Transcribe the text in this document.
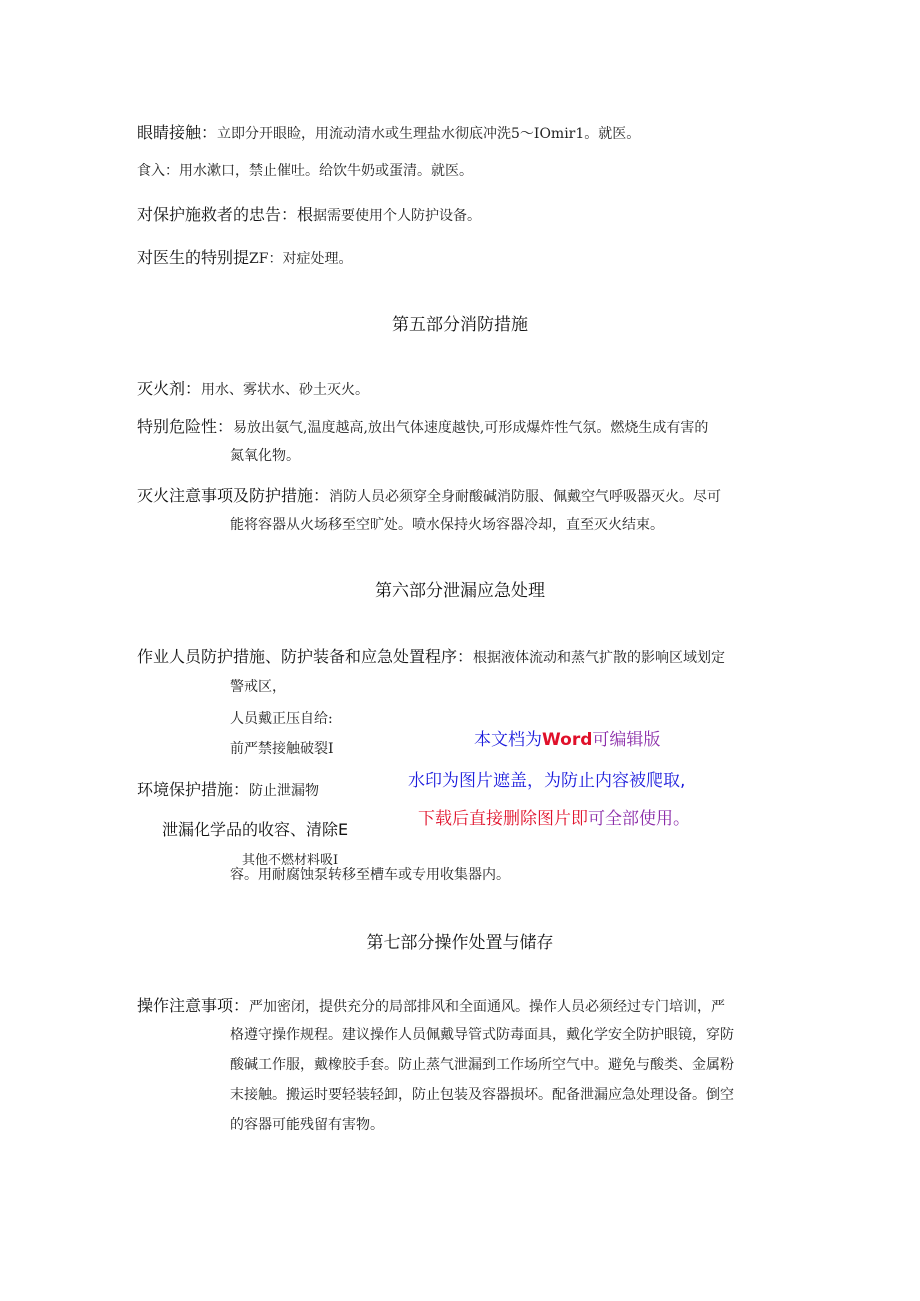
眼睛接触：立即分开眼睑，用流动清水或生理盐水彻底冲洗5～IOmir1。就医。
食入：用水漱口，禁止催吐。给饮牛奶或蛋清。就医。
对保护施救者的忠告：根据需要使用个人防护设备。
对医生的特别提ZF：对症处理。
第五部分消防措施
灭火剂：用水、雾状水、砂土灭火。
特别危险性：易放出氨气,温度越高,放出气体速度越快,可形成爆炸性气氛。燃烧生成有害的
氮氧化物。
灭火注意事项及防护措施：消防人员必须穿全身耐酸碱消防服、佩戴空气呼吸器灭火。尽可
能将容器从火场移至空旷处。喷水保持火场容器冷却，直至灭火结束。
第六部分泄漏应急处理
作业人员防护措施、防护装备和应急处置程序：根据液体流动和蒸气扩散的影响区域划定
警戒区，
人员戴正压自给:
前严禁接触破裂I
环境保护措施：防止泄漏物
泄漏化学品的收容、清除E
其他不燃材料吸I
容。用耐腐蚀泵转移至槽车或专用收集器内。
本文档为Word可编辑版
水印为图片遮盖，为防止内容被爬取,
下载后直接删除图片即可全部使用。
第七部分操作处置与储存
操作注意事项：严加密闭，提供充分的局部排风和全面通风。操作人员必须经过专门培训，严
格遵守操作规程。建议操作人员佩戴导管式防毒面具，戴化学安全防护眼镜，穿防
酸碱工作服，戴橡胶手套。防止蒸气泄漏到工作场所空气中。避免与酸类、金属粉
末接触。搬运时要轻装轻卸，防止包装及容器损坏。配备泄漏应急处理设备。倒空
的容器可能残留有害物。
